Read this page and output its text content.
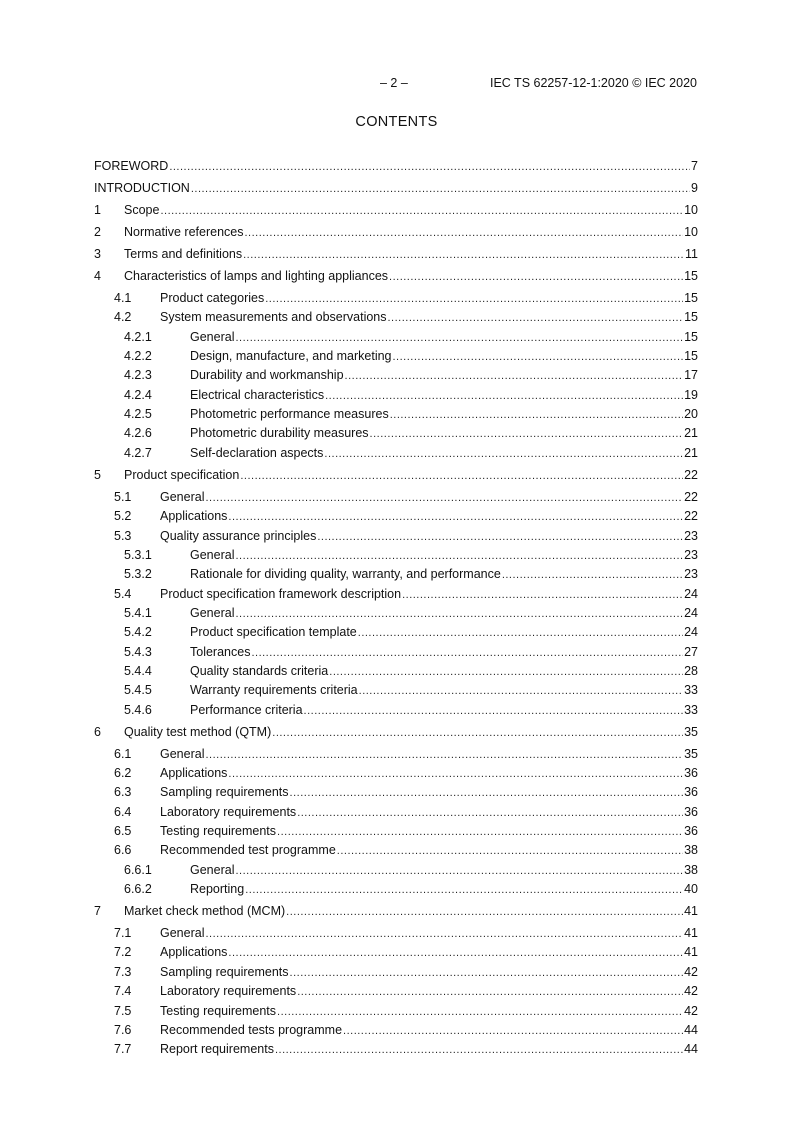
– 2 –	IEC TS 62257-12-1:2020 © IEC 2020
CONTENTS
FOREWORD .....	7
INTRODUCTION .....	9
1	Scope .....	10
2	Normative references .....	10
3	Terms and definitions .....	11
4	Characteristics of lamps and lighting appliances .....	15
4.1	Product categories .....	15
4.2	System measurements and observations .....	15
4.2.1	General .....	15
4.2.2	Design, manufacture, and marketing .....	15
4.2.3	Durability and workmanship .....	17
4.2.4	Electrical characteristics .....	19
4.2.5	Photometric performance measures .....	20
4.2.6	Photometric durability measures .....	21
4.2.7	Self-declaration aspects .....	21
5	Product specification .....	22
5.1	General .....	22
5.2	Applications .....	22
5.3	Quality assurance principles .....	23
5.3.1	General .....	23
5.3.2	Rationale for dividing quality, warranty, and performance .....	23
5.4	Product specification framework description .....	24
5.4.1	General .....	24
5.4.2	Product specification template .....	24
5.4.3	Tolerances .....	27
5.4.4	Quality standards criteria .....	28
5.4.5	Warranty requirements criteria .....	33
5.4.6	Performance criteria .....	33
6	Quality test method (QTM) .....	35
6.1	General .....	35
6.2	Applications .....	36
6.3	Sampling requirements .....	36
6.4	Laboratory requirements .....	36
6.5	Testing requirements .....	36
6.6	Recommended test programme .....	38
6.6.1	General .....	38
6.6.2	Reporting .....	40
7	Market check method (MCM) .....	41
7.1	General .....	41
7.2	Applications .....	41
7.3	Sampling requirements .....	42
7.4	Laboratory requirements .....	42
7.5	Testing requirements .....	42
7.6	Recommended tests programme .....	44
7.7	Report requirements .....	44
